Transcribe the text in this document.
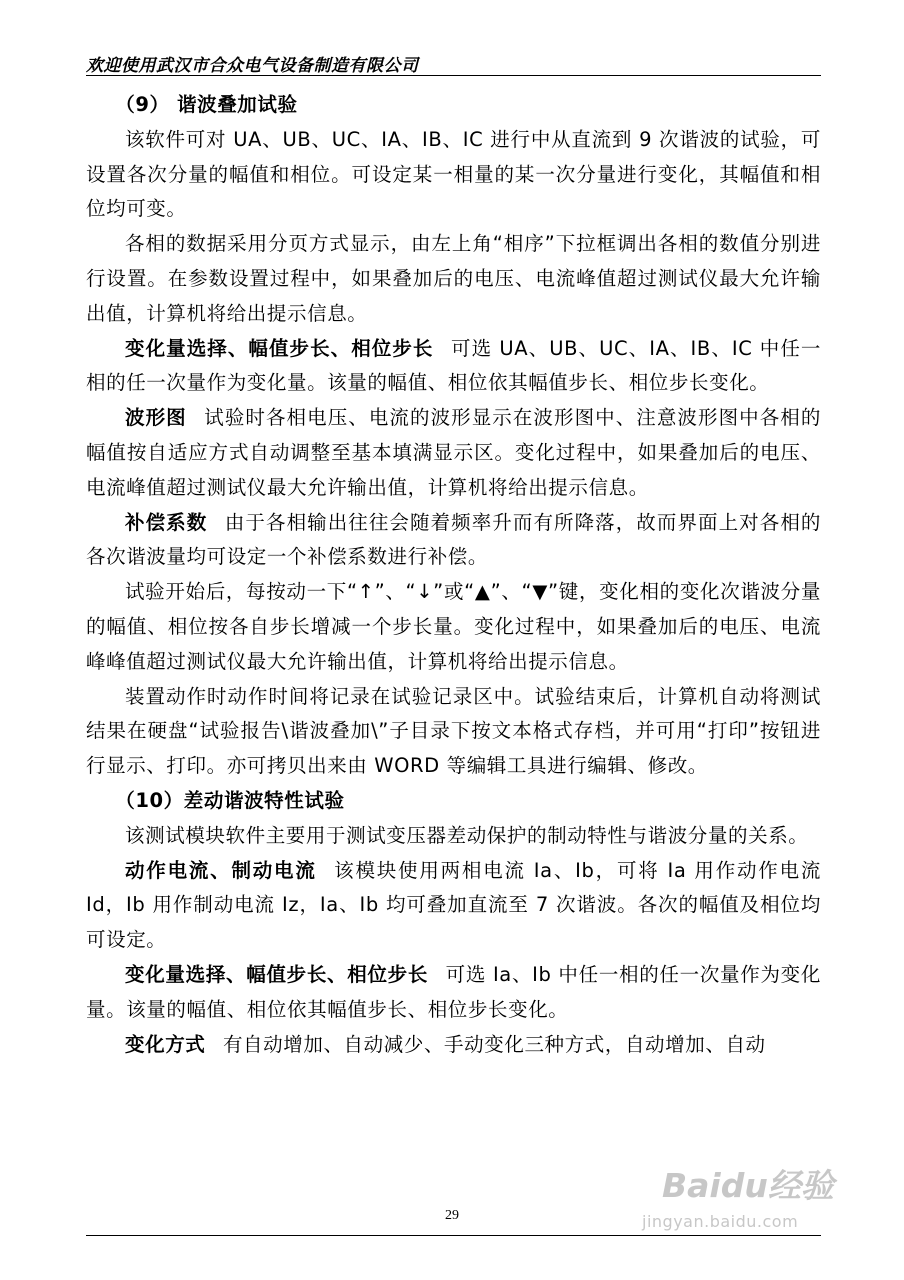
欢迎使用武汉市合众电气设备制造有限公司

（9） 谐波叠加试验

该软件可对 UA、UB、UC、IA、IB、IC 进行中从直流到 9 次谐波的试验，可设置各次分量的幅值和相位。可设定某一相量的某一次分量进行变化，其幅值和相位均可变。

各相的数据采用分页方式显示，由左上角“相序”下拉框调出各相的数值分别进行设置。在参数设置过程中，如果叠加后的电压、电流峰值超过测试仪最大允许输出值，计算机将给出提示信息。

变化量选择、幅值步长、相位步长 可选 UA、UB、UC、IA、IB、IC 中任一相的任一次量作为变化量。该量的幅值、相位依其幅值步长、相位步长变化。

波形图 试验时各相电压、电流的波形显示在波形图中、注意波形图中各相的幅值按自适应方式自动调整至基本填满显示区。变化过程中，如果叠加后的电压、电流峰值超过测试仪最大允许输出值，计算机将给出提示信息。

补偿系数 由于各相输出往往会随着频率升而有所降落，故而界面上对各相的各次谐波量均可设定一个补偿系数进行补偿。

试验开始后，每按动一下“↑”、“↓”或“▲”、“▼”键，变化相的变化次谐波分量的幅值、相位按各自步长增减一个步长量。变化过程中，如果叠加后的电压、电流峰峰值超过测试仪最大允许输出值，计算机将给出提示信息。

装置动作时动作时间将记录在试验记录区中。试验结束后，计算机自动将测试结果在硬盘“试验报告\谐波叠加\”子目录下按文本格式存档，并可用“打印”按钮进行显示、打印。亦可拷贝出来由 WORD 等编辑工具进行编辑、修改。

（10）差动谐波特性试验

该测试模块软件主要用于测试变压器差动保护的制动特性与谐波分量的关系。

动作电流、制动电流 该模块使用两相电流 Ia、Ib，可将 Ia 用作动作电流 Id，Ib 用作制动电流 Iz，Ia、Ib 均可叠加直流至 7 次谐波。各次的幅值及相位均可设定。

变化量选择、幅值步长、相位步长 可选 Ia、Ib 中任一相的任一次量作为变化量。该量的幅值、相位依其幅值步长、相位步长变化。

变化方式 有自动增加、自动减少、手动变化三种方式，自动增加、自动

29
Baidu经验
jingyan.baidu.com
